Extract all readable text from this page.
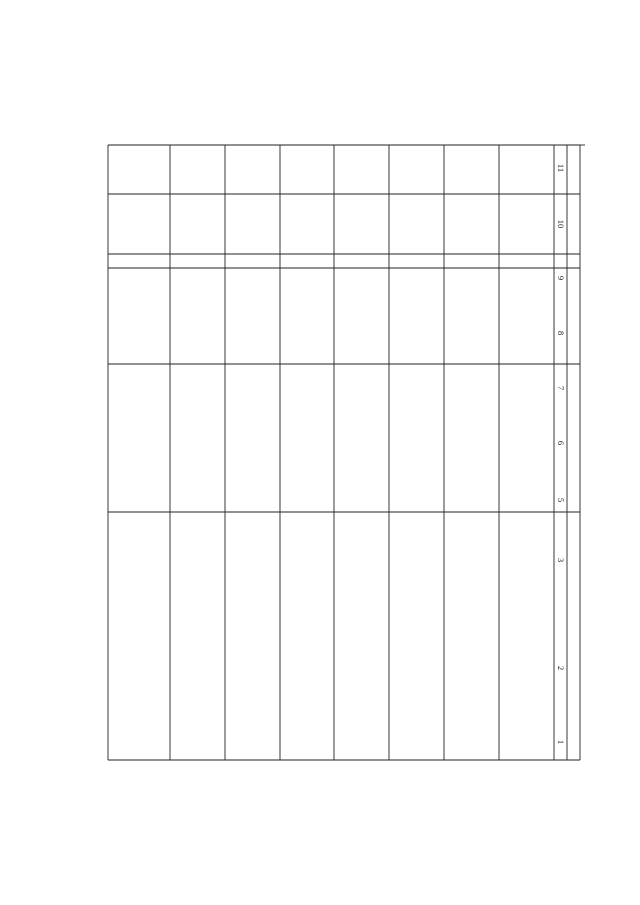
11
10
9
8
7
6
5
3
2
1
